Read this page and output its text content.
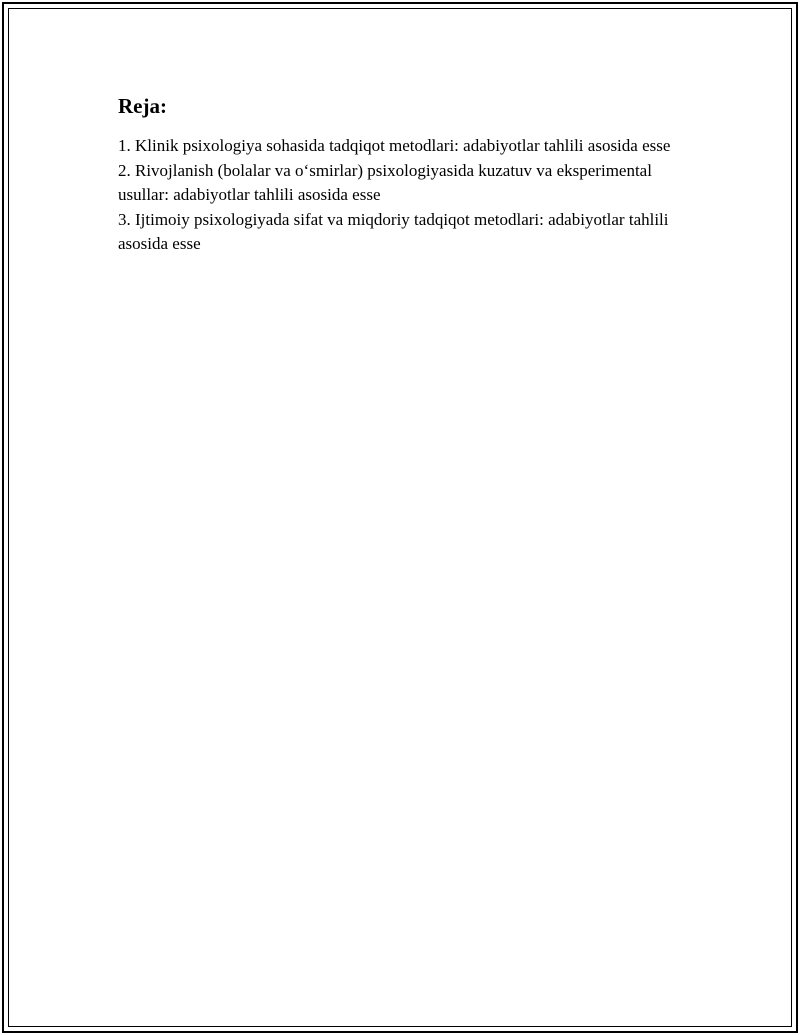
Reja:

1. Klinik psixologiya sohasida tadqiqot metodlari: adabiyotlar tahlili asosida esse

2. Rivojlanish (bolalar va o‘smirlar) psixologiyasida kuzatuv va eksperimental usullar: adabiyotlar tahlili asosida esse

3. Ijtimoiy psixologiyada sifat va miqdoriy tadqiqot metodlari: adabiyotlar tahlili asosida esse
